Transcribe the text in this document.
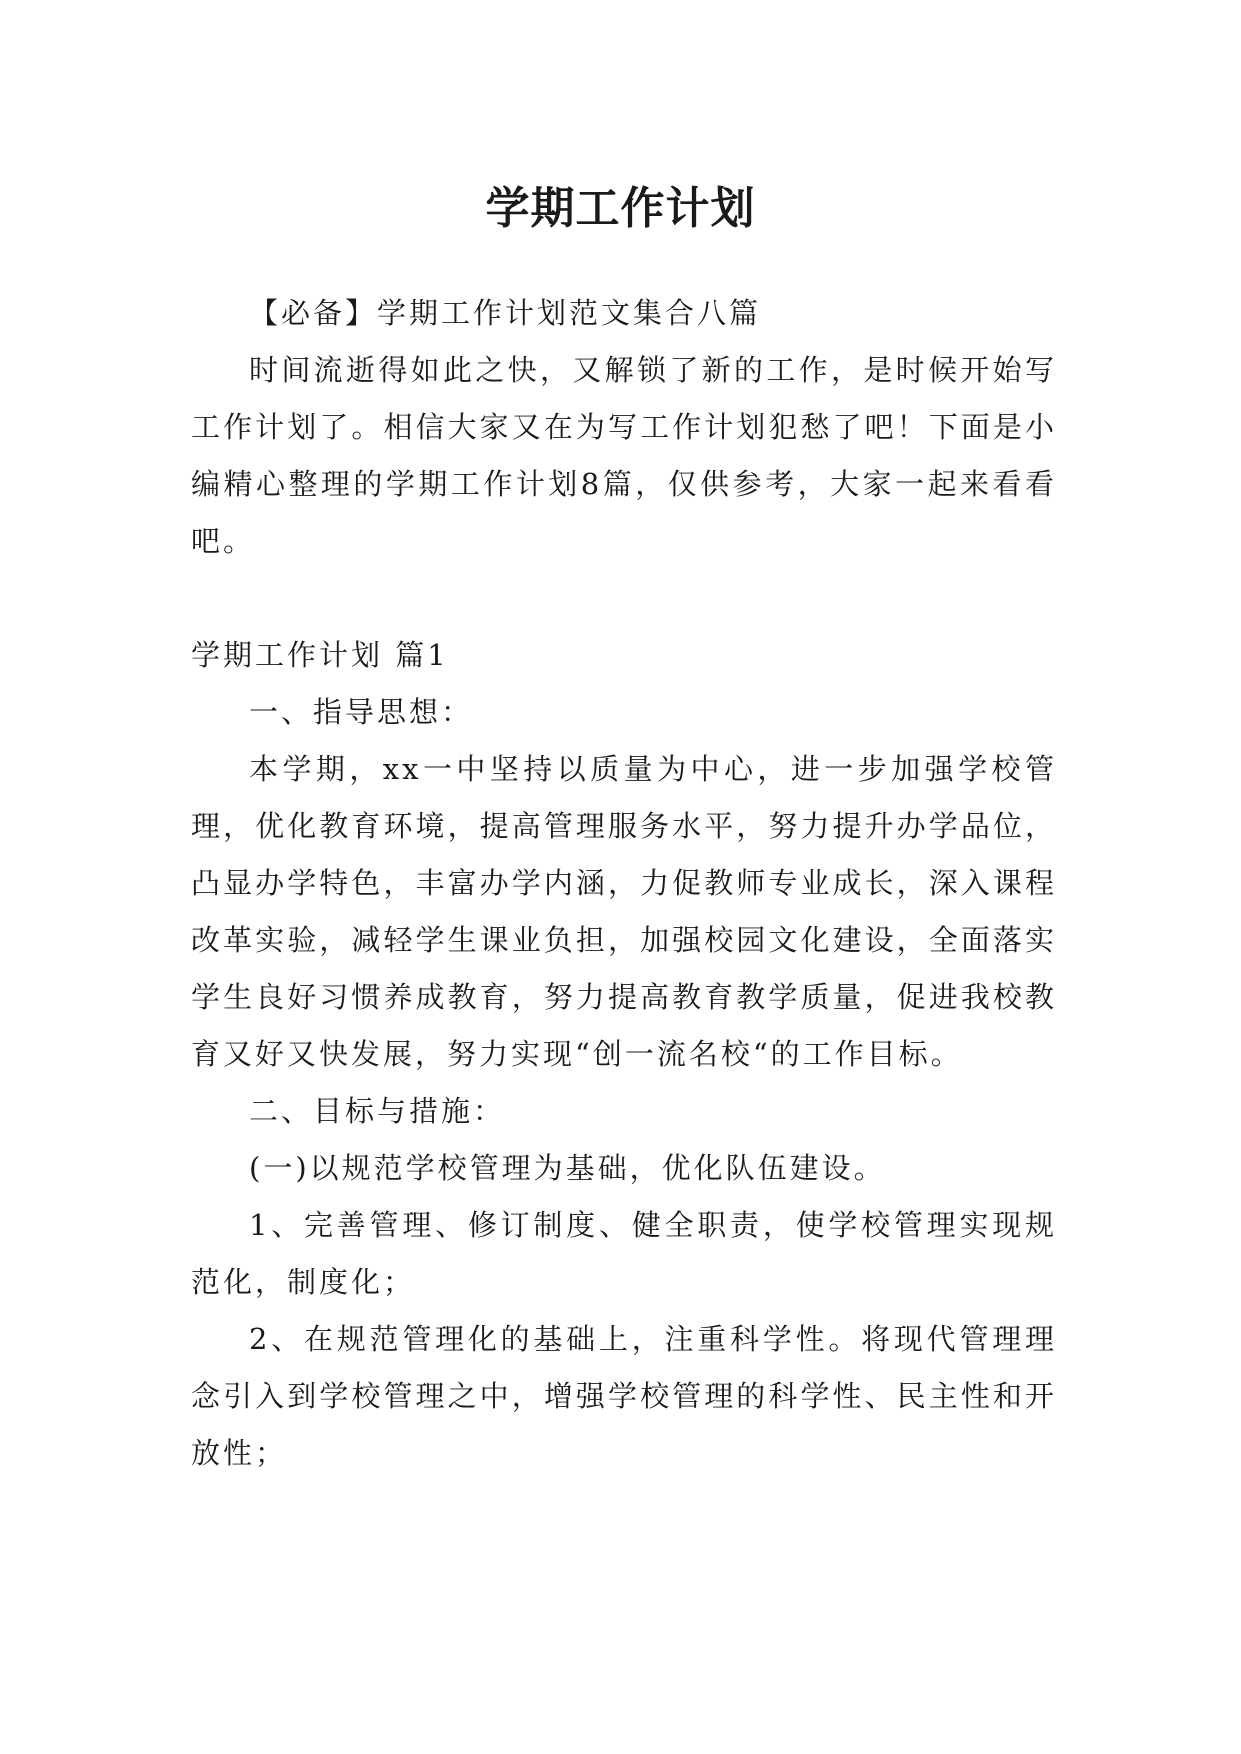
学期工作计划

【必备】学期工作计划范文集合八篇

时间流逝得如此之快，又解锁了新的工作，是时候开始写工作计划了。相信大家又在为写工作计划犯愁了吧！下面是小编精心整理的学期工作计划8篇，仅供参考，大家一起来看看吧。

学期工作计划 篇1

一、指导思想：

本学期，xx一中坚持以质量为中心，进一步加强学校管理，优化教育环境，提高管理服务水平，努力提升办学品位，凸显办学特色，丰富办学内涵，力促教师专业成长，深入课程改革实验，减轻学生课业负担，加强校园文化建设，全面落实学生良好习惯养成教育，努力提高教育教学质量，促进我校教育又好又快发展，努力实现“创一流名校“的工作目标。

二、目标与措施：

(一)以规范学校管理为基础，优化队伍建设。

1、完善管理、修订制度、健全职责，使学校管理实现规范化，制度化；

2、在规范管理化的基础上，注重科学性。将现代管理理念引入到学校管理之中，增强学校管理的科学性、民主性和开放性；
